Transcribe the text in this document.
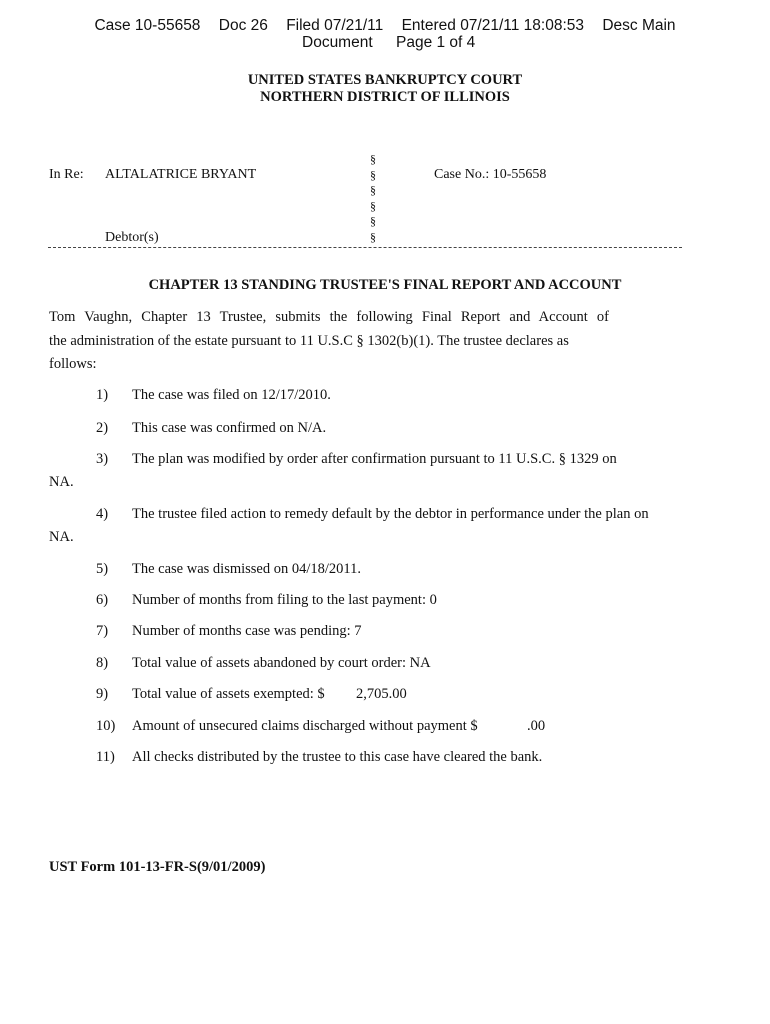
Case 10-55658 Doc 26 Filed 07/21/11 Entered 07/21/11 18:08:53 Desc Main
Document Page 1 of 4
UNITED STATES BANKRUPTCY COURT
NORTHERN DISTRICT OF ILLINOIS
In Re: ALTALATRICE BRYANT
Debtor(s)
§ § § § § §
Case No.: 10-55658
CHAPTER 13 STANDING TRUSTEE'S FINAL REPORT AND ACCOUNT
Tom Vaughn, Chapter 13 Trustee, submits the following Final Report and Account of
the administration of the estate pursuant to 11 U.S.C § 1302(b)(1). The trustee declares as
follows:
1) The case was filed on 12/17/2010.
2) This case was confirmed on N/A.
3) The plan was modified by order after confirmation pursuant to 11 U.S.C. § 1329 on
NA.
4) The trustee filed action to remedy default by the debtor in performance under the plan on
NA.
5) The case was dismissed on 04/18/2011.
6) Number of months from filing to the last payment: 0
7) Number of months case was pending: 7
8) Total value of assets abandoned by court order: NA
9) Total value of assets exempted: $ 2,705.00
10) Amount of unsecured claims discharged without payment $	.00
11) All checks distributed by the trustee to this case have cleared the bank.
UST Form 101-13-FR-S(9/01/2009)
